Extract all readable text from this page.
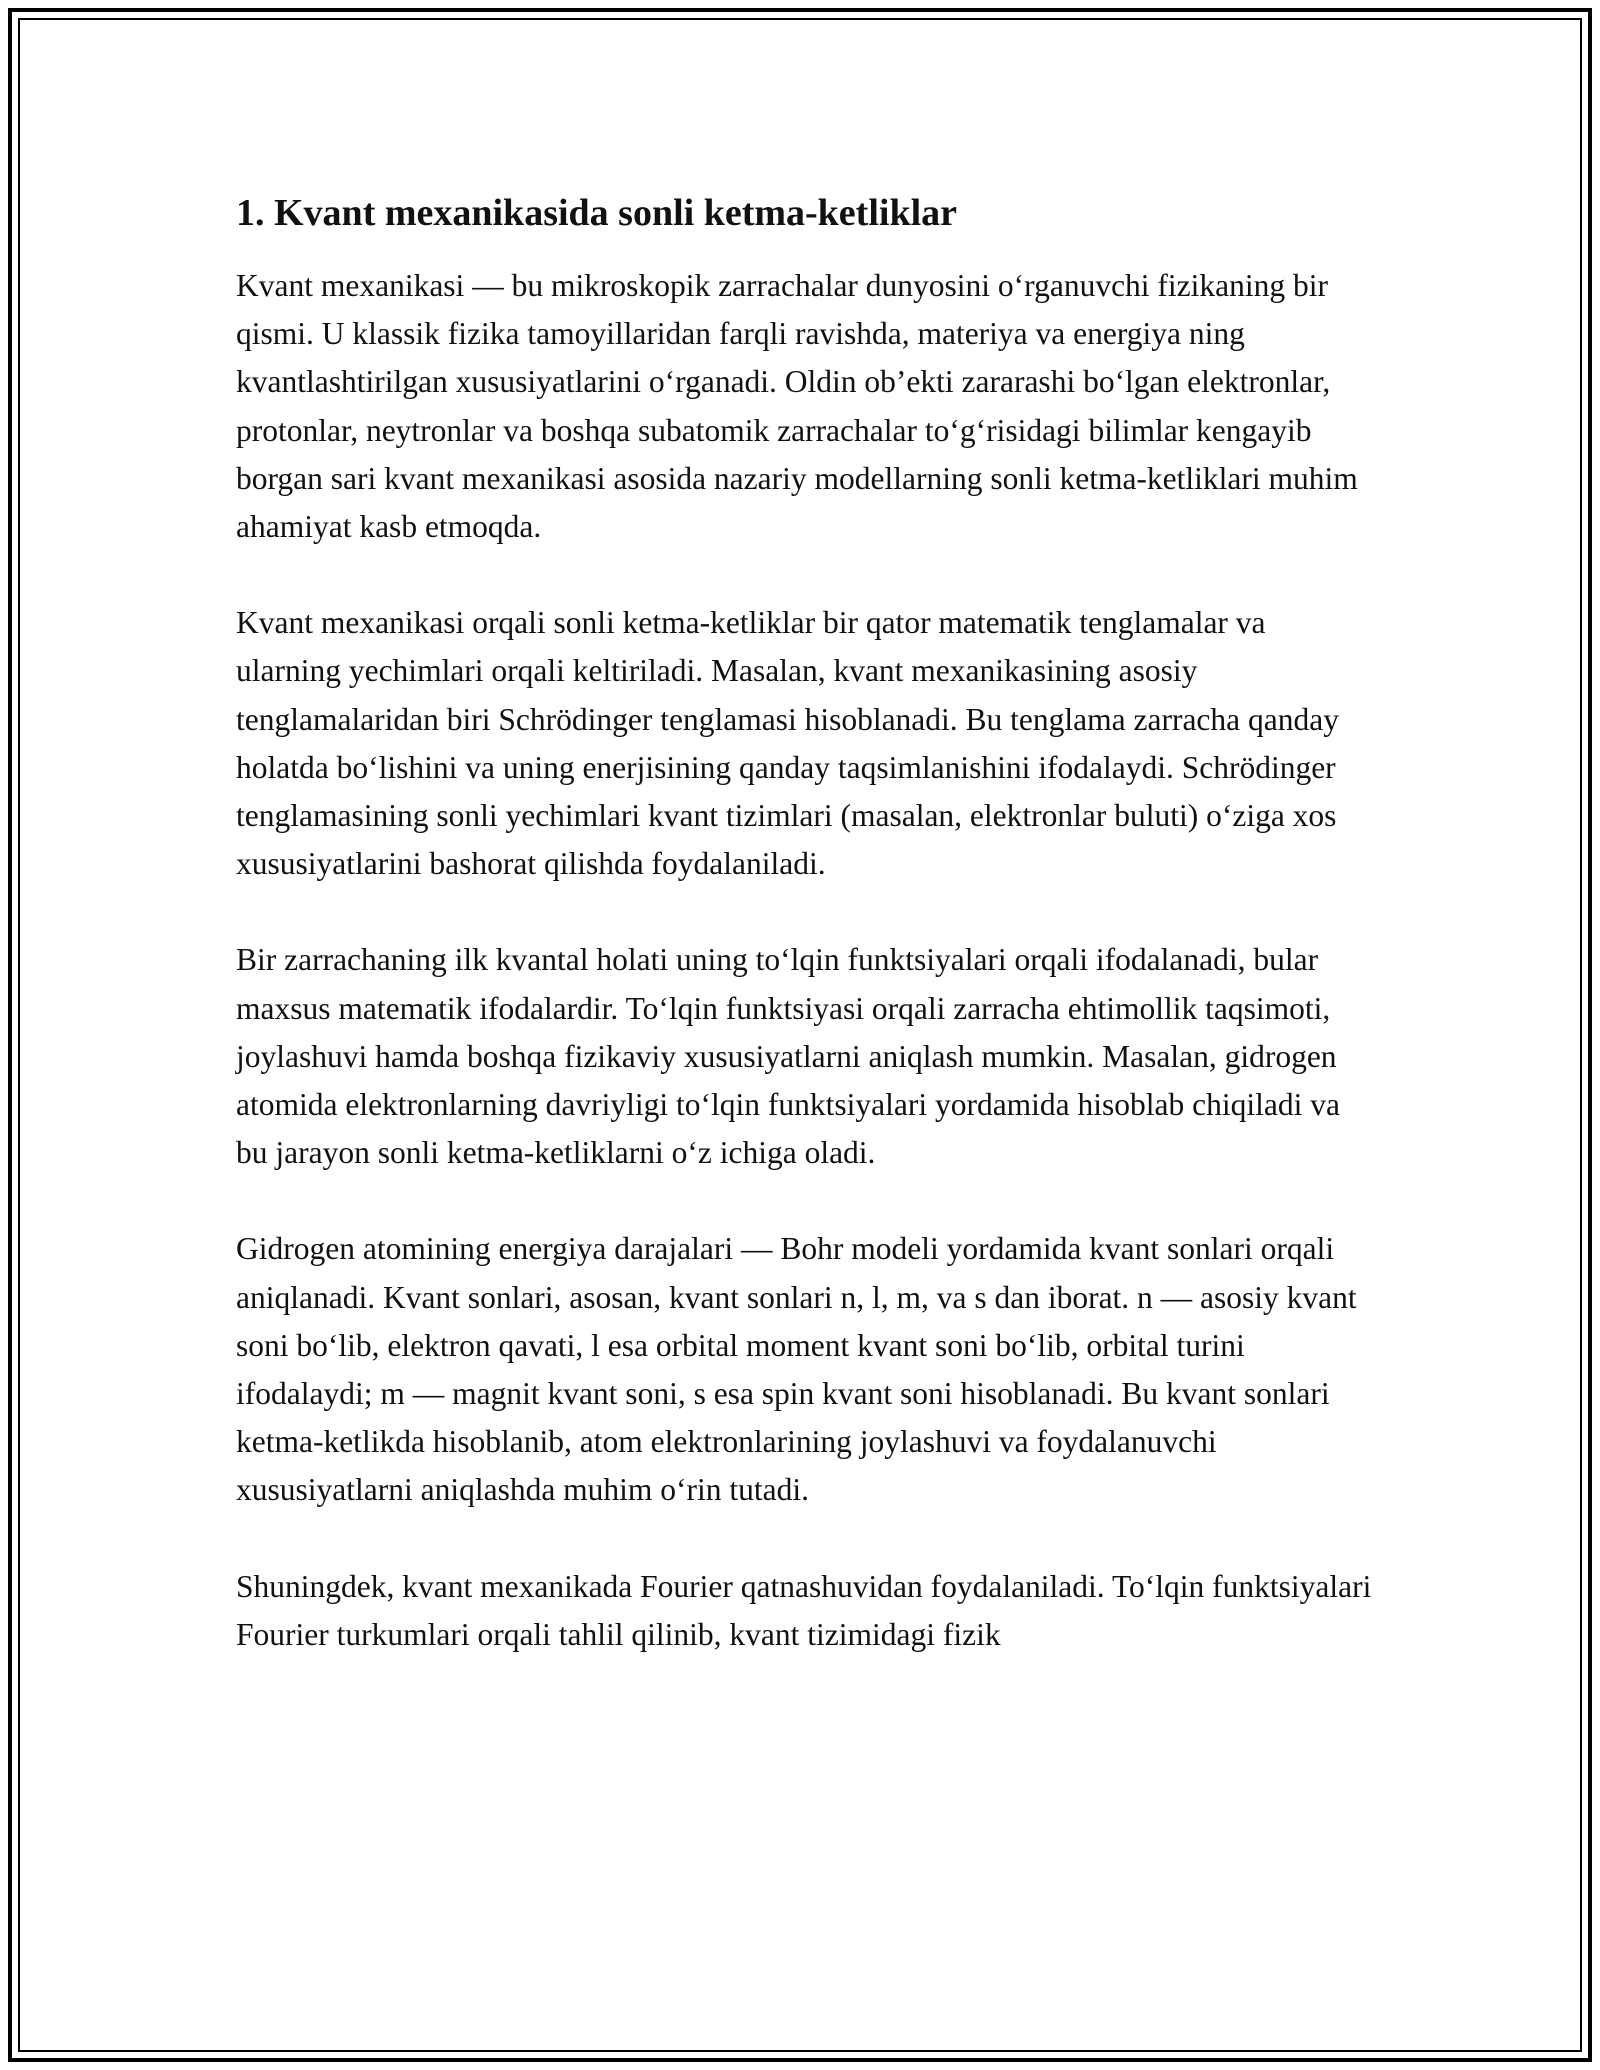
1. Kvant mexanikasida sonli ketma-ketliklar

Kvant mexanikasi — bu mikroskopik zarrachalar dunyosini o‘rganuvchi fizikaning bir qismi. U klassik fizika tamoyillaridan farqli ravishda, materiya va energiya ning kvantlashtirilgan xususiyatlarini o‘rganadi. Oldin ob’ekti zararashi bo‘lgan elektronlar, protonlar, neytronlar va boshqa subatomik zarrachalar to‘g‘risidagi bilimlar kengayib borgan sari kvant mexanikasi asosida nazariy modellarning sonli ketma-ketliklari muhim ahamiyat kasb etmoqda.

Kvant mexanikasi orqali sonli ketma-ketliklar bir qator matematik tenglamalar va ularning yechimlari orqali keltiriladi. Masalan, kvant mexanikasining asosiy tenglamalaridan biri Schrödinger tenglamasi hisoblanadi. Bu tenglama zarracha qanday holatda bo‘lishini va uning enerjisining qanday taqsimlanishini ifodalaydi. Schrödinger tenglamasining sonli yechimlari kvant tizimlari (masalan, elektronlar buluti) o‘ziga xos xususiyatlarini bashorat qilishda foydalaniladi.

Bir zarrachaning ilk kvantal holati uning to‘lqin funktsiyalari orqali ifodalanadi, bular maxsus matematik ifodalardir. To‘lqin funktsiyasi orqali zarracha ehtimollik taqsimoti, joylashuvi hamda boshqa fizikaviy xususiyatlarni aniqlash mumkin. Masalan, gidrogen atomida elektronlarning davriyligi to‘lqin funktsiyalari yordamida hisoblab chiqiladi va bu jarayon sonli ketma-ketliklarni o‘z ichiga oladi.

Gidrogen atomining energiya darajalari — Bohr modeli yordamida kvant sonlari orqali aniqlanadi. Kvant sonlari, asosan, kvant sonlari n, l, m, va s dan iborat. n — asosiy kvant soni bo‘lib, elektron qavati, l esa orbital moment kvant soni bo‘lib, orbital turini ifodalaydi; m — magnit kvant soni, s esa spin kvant soni hisoblanadi. Bu kvant sonlari ketma-ketlikda hisoblanib, atom elektronlarining joylashuvi va foydalanuvchi xususiyatlarni aniqlashda muhim o‘rin tutadi.

Shuningdek, kvant mexanikada Fourier qatnashuvidan foydalaniladi. To‘lqin funktsiyalari Fourier turkumlari orqali tahlil qilinib, kvant tizimidagi fizik
